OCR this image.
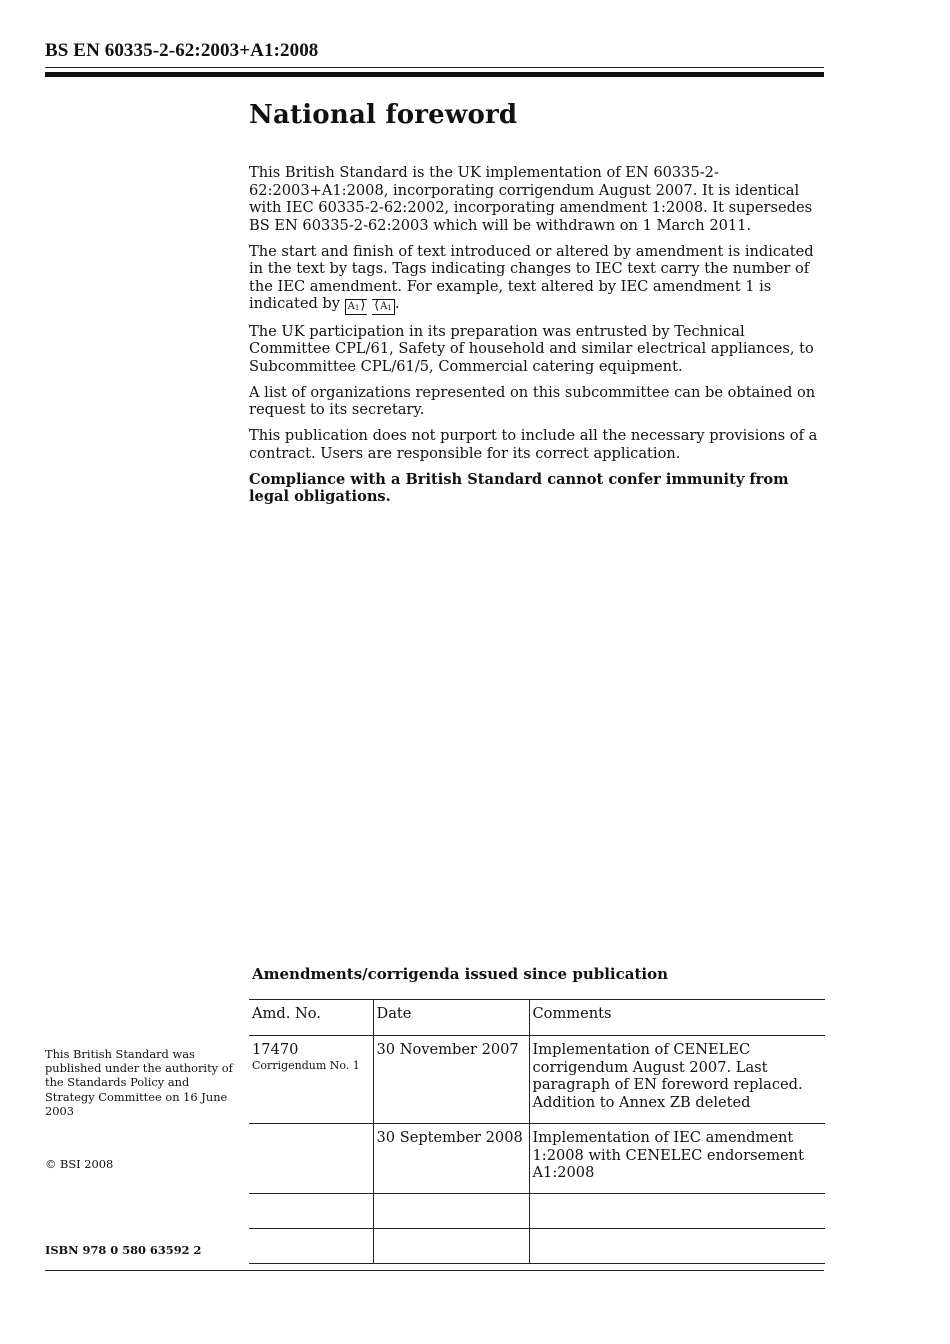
BS EN 60335-2-62:2003+A1:2008
National foreword

This British Standard is the UK implementation of EN 60335-2-62:2003+A1:2008, incorporating corrigendum August 2007. It is identical with IEC 60335-2-62:2002, incorporating amendment 1:2008. It supersedes BS EN 60335-2-62:2003 which will be withdrawn on 1 March 2011.

The start and finish of text introduced or altered by amendment is indicated in the text by tags. Tags indicating changes to IEC text carry the number of the IEC amendment. For example, text altered by IEC amendment 1 is indicated by $A_1$ ⟩ ⟨ $A_1$ .

The UK participation in its preparation was entrusted by Technical Committee CPL/61, Safety of household and similar electrical appliances, to Subcommittee CPL/61/5, Commercial catering equipment.

A list of organizations represented on this subcommittee can be obtained on request to its secretary.

This publication does not purport to include all the necessary provisions of a contract. Users are responsible for its correct application.

Compliance with a British Standard cannot confer immunity from legal obligations.

Amendments/corrigenda issued since publication
Amd. No.	Date	Comments
17470
Corrigendum No. 1	30 November 2007	Implementation of CENELEC corrigendum August 2007. Last paragraph of EN foreword replaced. Addition to Annex ZB deleted
	30 September 2008	Implementation of IEC amendment 1:2008 with CENELEC endorsement A1:2008

This British Standard was published under the authority of the Standards Policy and Strategy Committee on 16 June 2003
© BSI 2008
ISBN 978 0 580 63592 2
